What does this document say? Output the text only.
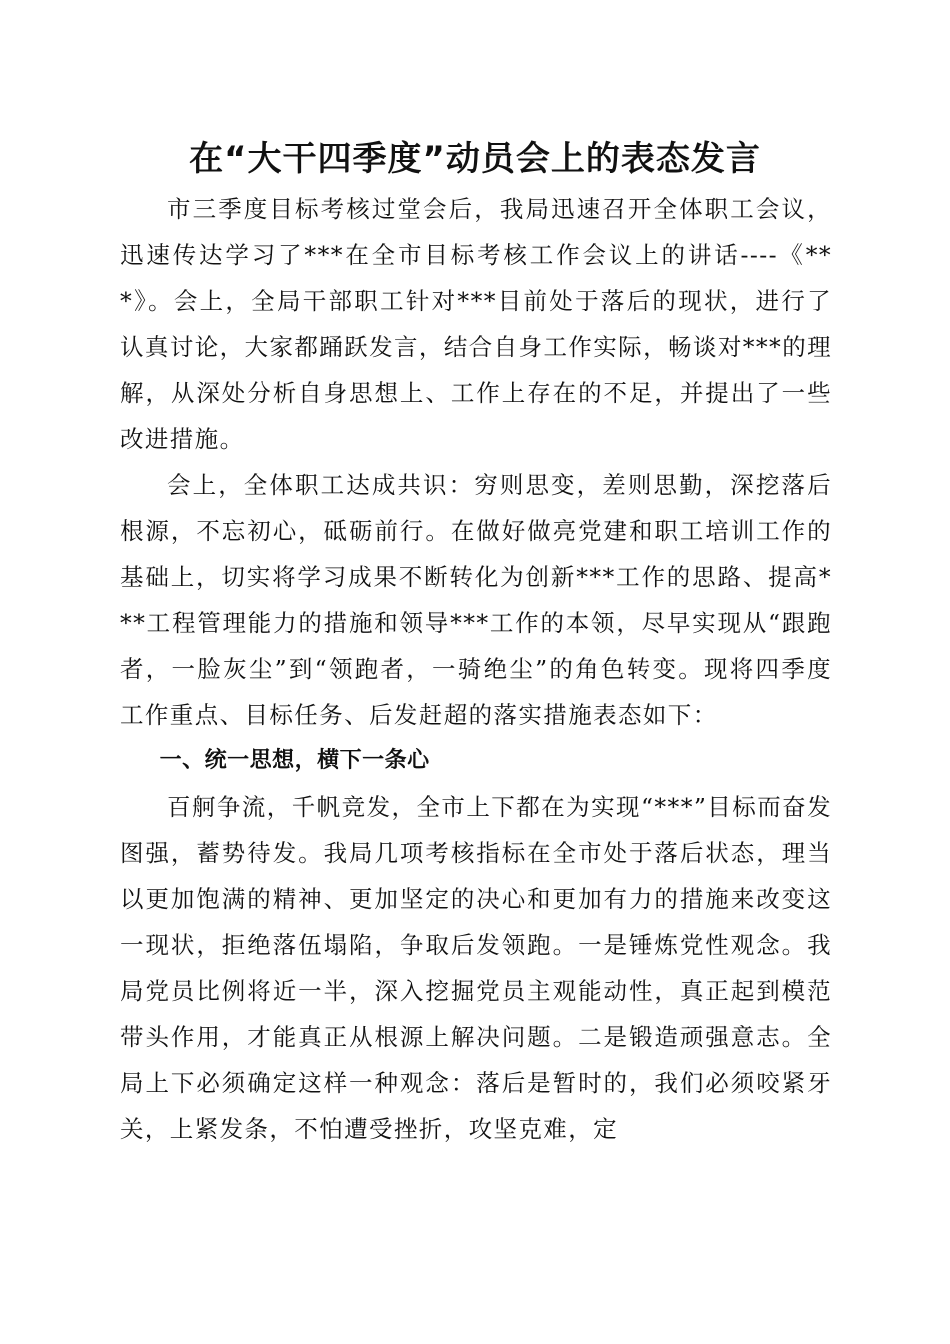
在“大干四季度”动员会上的表态发言

市三季度目标考核过堂会后，我局迅速召开全体职工会议，迅速传达学习了***在全市目标考核工作会议上的讲话----《***》。会上，全局干部职工针对***目前处于落后的现状，进行了认真讨论，大家都踊跃发言，结合自身工作实际，畅谈对***的理解，从深处分析自身思想上、工作上存在的不足，并提出了一些改进措施。

会上，全体职工达成共识：穷则思变，差则思勤，深挖落后根源，不忘初心，砥砺前行。在做好做亮党建和职工培训工作的基础上，切实将学习成果不断转化为创新***工作的思路、提高***工程管理能力的措施和领导***工作的本领，尽早实现从“跟跑者，一脸灰尘”到“领跑者，一骑绝尘”的角色转变。现将四季度工作重点、目标任务、后发赶超的落实措施表态如下：

一、统一思想，横下一条心

百舸争流，千帆竞发，全市上下都在为实现“***”目标而奋发图强，蓄势待发。我局几项考核指标在全市处于落后状态，理当以更加饱满的精神、更加坚定的决心和更加有力的措施来改变这一现状，拒绝落伍塌陷，争取后发领跑。一是锤炼党性观念。我局党员比例将近一半，深入挖掘党员主观能动性，真正起到模范带头作用，才能真正从根源上解决问题。二是锻造顽强意志。全局上下必须确定这样一种观念：落后是暂时的，我们必须咬紧牙关，上紧发条，不怕遭受挫折，攻坚克难，定
